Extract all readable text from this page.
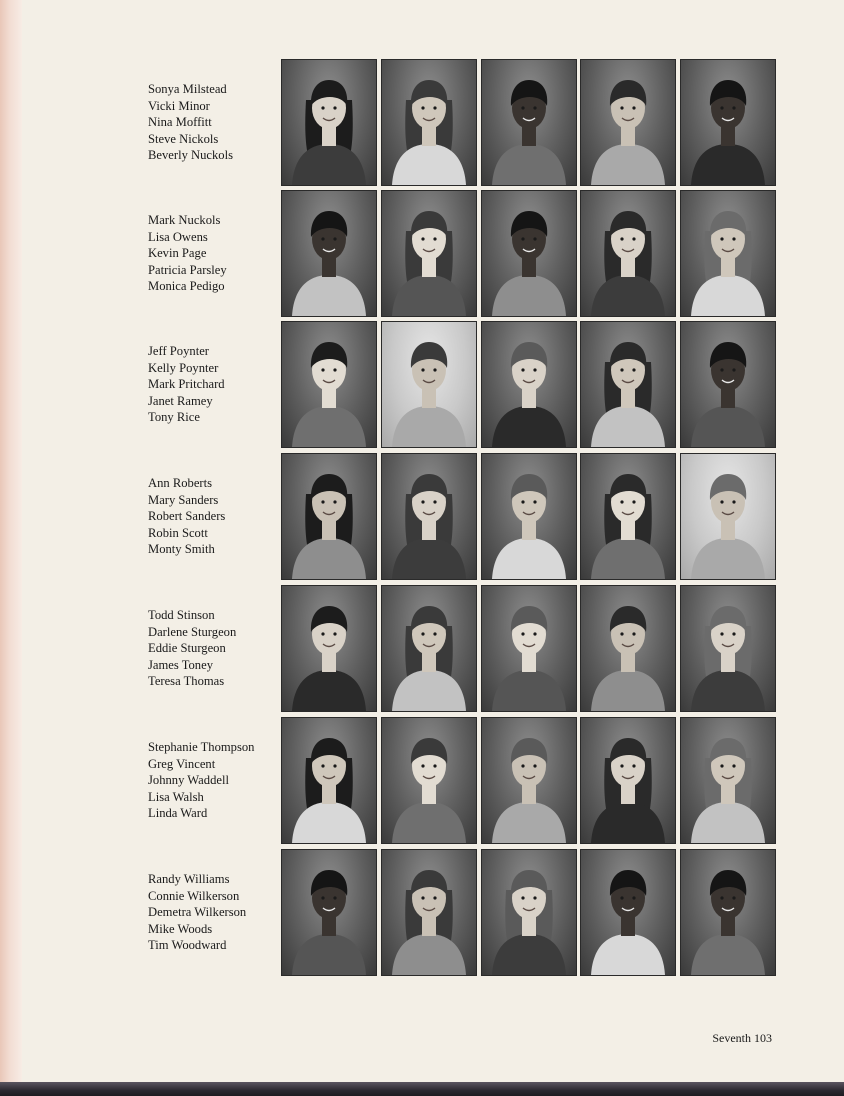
Sonya Milstead
Vicki Minor
Nina Moffitt
Steve Nickols
Beverly Nuckols
Mark Nuckols
Lisa Owens
Kevin Page
Patricia Parsley
Monica Pedigo
Jeff Poynter
Kelly Poynter
Mark Pritchard
Janet Ramey
Tony Rice
Ann Roberts
Mary Sanders
Robert Sanders
Robin Scott
Monty Smith
Todd Stinson
Darlene Sturgeon
Eddie Sturgeon
James Toney
Teresa Thomas
Stephanie Thompson
Greg Vincent
Johnny Waddell
Lisa Walsh
Linda Ward
Randy Williams
Connie Wilkerson
Demetra Wilkerson
Mike Woods
Tim Woodward
Seventh 103
